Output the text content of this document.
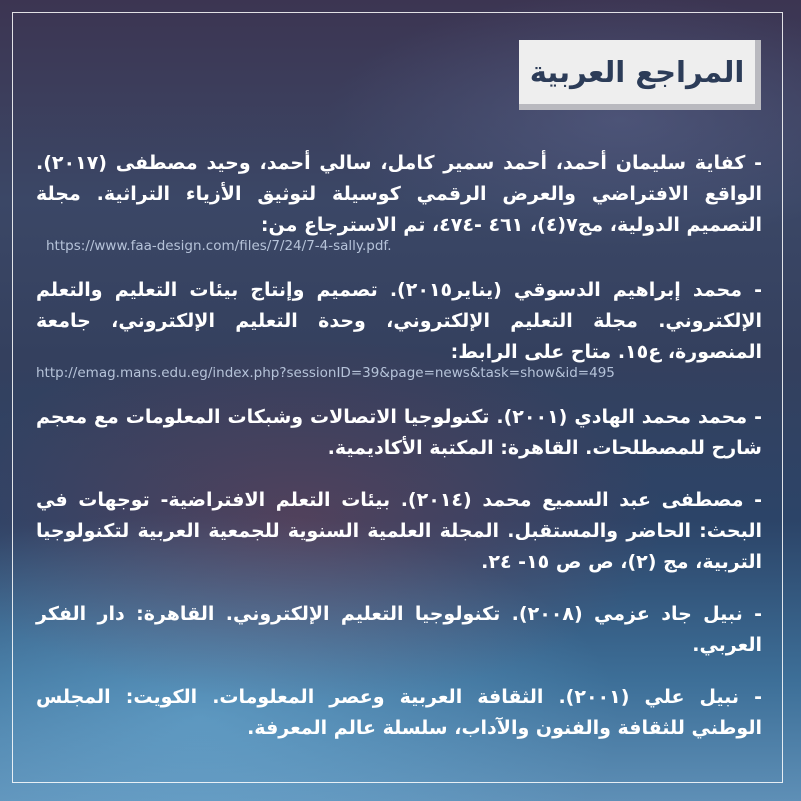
المراجع العربية

- كفاية سليمان أحمد، أحمد سمير كامل، سالي أحمد، وحيد مصطفى (٢٠١٧). الواقع الافتراضي والعرض الرقمي كوسيلة لتوثيق الأزياء التراثية. مجلة التصميم الدولية، مج٧(٤)، ٤٦١ -٤٧٤، تم الاسترجاع من:

https://www.faa-design.com/files/7/24/7-4-sally.pdf.

- محمد إبراهيم الدسوقي (يناير٢٠١٥). تصميم وإنتاج بيئات التعليم والتعلم الإلكتروني. مجلة التعليم الإلكتروني، وحدة التعليم الإلكتروني، جامعة المنصورة، ع١٥. متاح على الرابط:

http://emag.mans.edu.eg/index.php?sessionID=39&page=news&task=show&id=495

- محمد محمد الهادي (٢٠٠١). تكنولوجيا الاتصالات وشبكات المعلومات مع معجم شارح للمصطلحات. القاهرة: المكتبة الأكاديمية.

- مصطفى عبد السميع محمد (٢٠١٤). بيئات التعلم الافتراضية- توجهات في البحث: الحاضر والمستقبل. المجلة العلمية السنوية للجمعية العربية لتكنولوجيا التربية، مج (٢)، ص ص ١٥- ٢٤.

- نبيل جاد عزمي (٢٠٠٨). تكنولوجيا التعليم الإلكتروني. القاهرة: دار الفكر العربي.

- نبيل علي (٢٠٠١). الثقافة العربية وعصر المعلومات. الكويت: المجلس الوطني للثقافة والفنون والآداب، سلسلة عالم المعرفة.
